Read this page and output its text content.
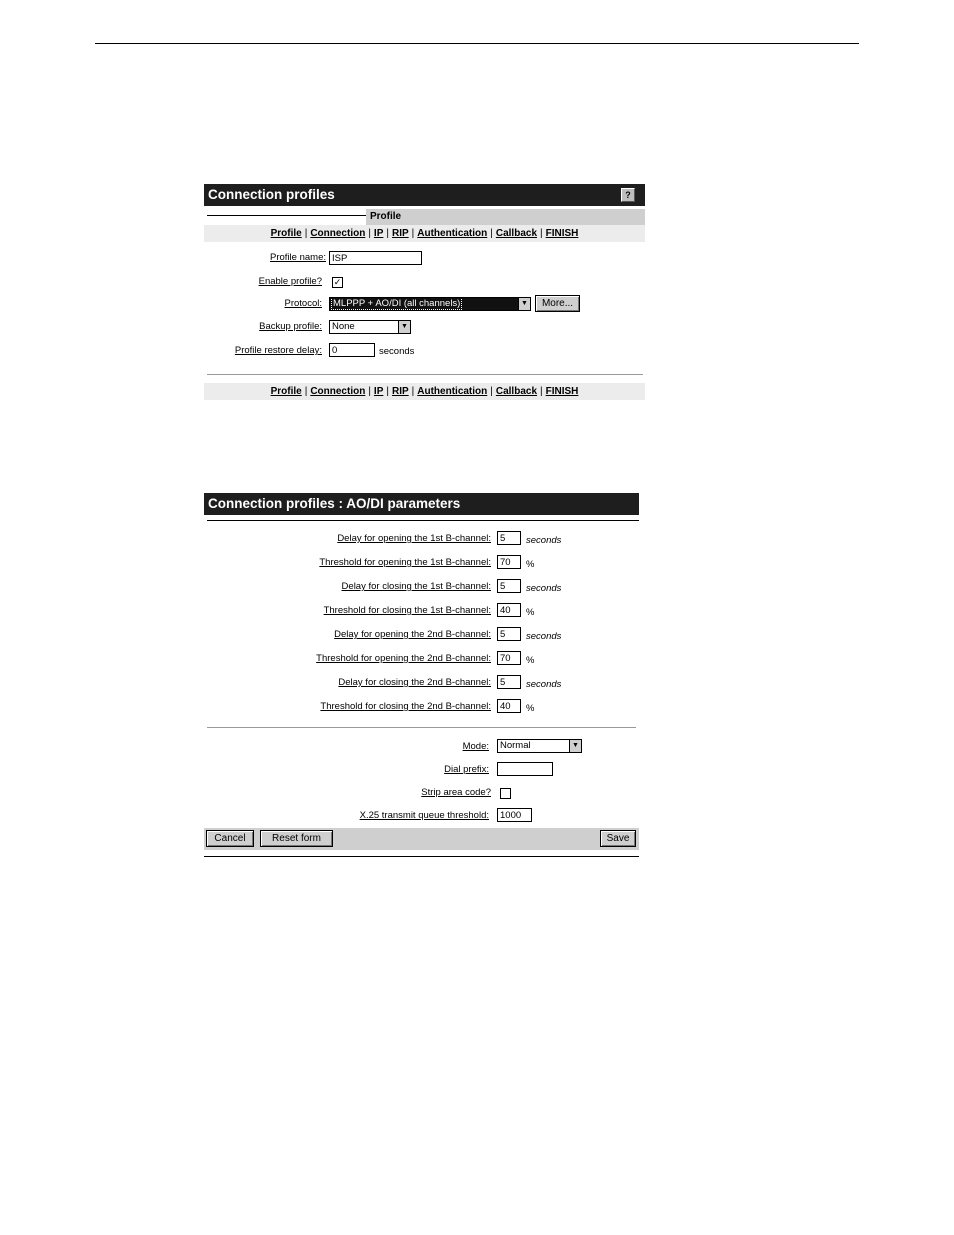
Connection profiles	?
Profile
Profile | Connection | IP | RIP | Authentication | Callback | FINISH
Profile name:
ISP
Enable profile? ✓
Protocol:	MLPPP + AO/DI (all channels)	▼	More...
Backup profile:	None	▼
Profile restore delay:
0	seconds
Profile | Connection | IP | RIP | Authentication | Callback | FINISH
Connection profiles : AO/DI parameters
Delay for opening the 1st B-channel:
5	seconds
Threshold for opening the 1st B-channel:
70	%
Delay for closing the 1st B-channel:
5	seconds
Threshold for closing the 1st B-channel:
40	%
Delay for opening the 2nd B-channel:
5	seconds
Threshold for opening the 2nd B-channel:
70	%
Delay for closing the 2nd B-channel:
5	seconds
Threshold for closing the 2nd B-channel:
40	%
Mode:	Normal	▼
Dial prefix:
Strip area code?
X.25 transmit queue threshold:
1000
Cancel	Reset form	Save
